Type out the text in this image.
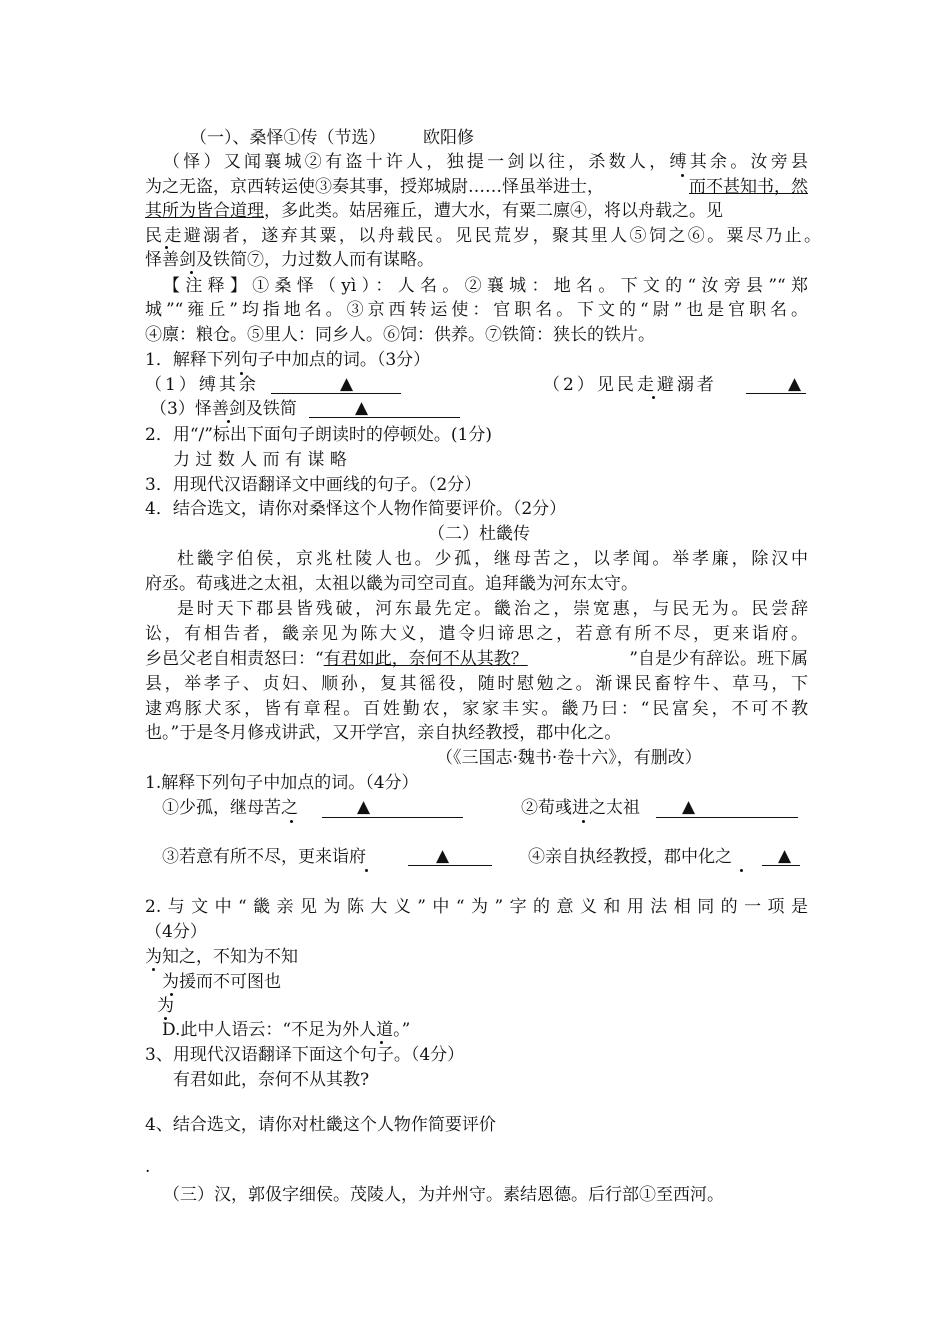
（一）、桑怿①传（节选） 欧阳修
（怿）又闻襄城②有盗十许人，独提一剑以往，杀数人，缚其余。汝旁县
为之无盗，京西转运使③奏其事，授郑城尉……怿虽举进士，	而不甚知书，然
其所为皆合道理，多此类。姑居雍丘，遭大水，有粟二廪④，将以舟载之。见
民走避溺者，遂弃其粟，以舟载民。见民荒岁，聚其里人⑤饲之⑥。粟尽乃止。
怿善剑及铁简⑦，力过数人而有谋略。
【注释】①桑怿（yì）：人名。②襄城：地名。下文的“汝旁县”“郑
城”“雍丘”均指地名。③京西转运使：官职名。下文的“尉”也是官职名。
④廪：粮仓。⑤里人：同乡人。⑥饲：供养。⑦铁简：狭长的铁片。
1．解释下列句子中加点的词。（3分）
（1）缚其余	▲	（2）见民走避溺者	▲
（3）怿善剑及铁简	▲
2．用“/”标出下面句子朗读时的停顿处。(1分)
力 过 数 人 而 有 谋 略
3．用现代汉语翻译文中画线的句子。（2分）
4．结合选文，请你对桑怿这个人物作简要评价。（2分）
（二）杜畿传
杜畿字伯侯，京兆杜陵人也。少孤，继母苦之，以孝闻。举孝廉，除汉中
府丞。荀彧进之太祖，太祖以畿为司空司直。追拜畿为河东太守。
是时天下郡县皆残破，河东最先定。畿治之，崇宽惠，与民无为。民尝辞
讼，有相告者，畿亲见为陈大义，遣令归谛思之，若意有所不尽，更来诣府。
乡邑父老自相责怒曰：“ 有君如此，奈何不从其教？	”自是少有辞讼。班下属
县，举孝子、贞妇、顺孙，复其徭役，随时慰勉之。渐课民畜牸牛、草马，下
逮鸡豚犬豕，皆有章程。百姓勤农，家家丰实。畿乃曰：“民富矣，不可不教
也。”于是冬月修戎讲武，又开学宫，亲自执经教授，郡中化之。
（《三国志·魏书·卷十六》，有删改）
1.解释下列句子中加点的词。（4分）
①少孤，继母苦之	▲	②荀彧进之太祖 ▲
③若意有所不尽，更来诣府	▲	④亲自执经教授，郡中化之	▲
2.与文中“畿亲见为陈大义”中“为”字的意义和用法相同的一项是
（4分）
为知之，不知为不知
为援而不可图也
为
D.此中人语云：“不足为外人道。”
3、用现代汉语翻译下面这个句子。（4分）
有君如此，奈何不从其教?
4、结合选文，请你对杜畿这个人物作简要评价
.
（三）汉，郭伋字细侯。茂陵人，为并州守。素结恩德。后行部①至西河。
